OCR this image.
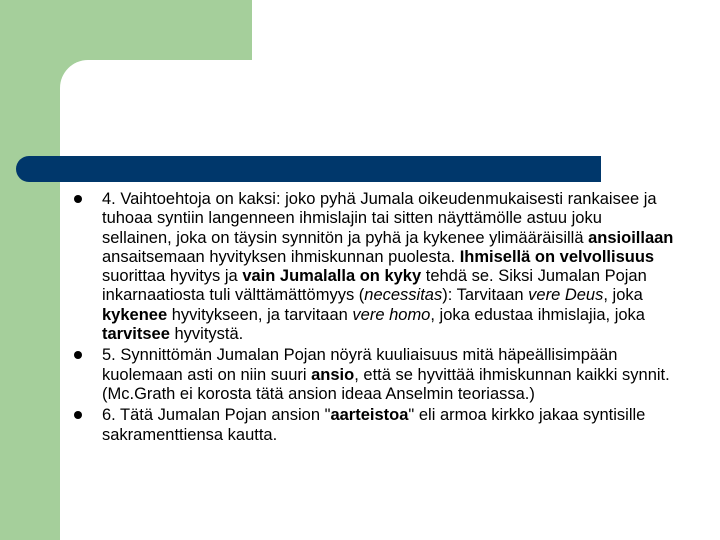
4. Vaihtoehtoja on kaksi: joko pyhä Jumala oikeudenmukaisesti rankaisee ja tuhoaa syntiin langenneen ihmislajin tai sitten näyttämölle astuu joku sellainen, joka on täysin synnitön ja pyhä ja kykenee ylimääräisillä ansioillaan ansaitsemaan hyvityksen ihmiskunnan puolesta. Ihmisellä on velvollisuus suorittaa hyvitys ja vain Jumalalla on kyky tehdä se. Siksi Jumalan Pojan inkarnaatiosta tuli välttämättömyys (necessitas): Tarvitaan vere Deus, joka kykenee hyvitykseen, ja tarvitaan vere homo, joka edustaa ihmislajia, joka tarvitsee hyvitystä.
5. Synnittömän Jumalan Pojan nöyrä kuuliaisuus mitä häpeällisimpään kuolemaan asti on niin suuri ansio, että se hyvittää ihmiskunnan kaikki synnit. (Mc.Grath ei korosta tätä ansion ideaa Anselmin teoriassa.)
6. Tätä Jumalan Pojan ansion "aarteistoa" eli armoa kirkko jakaa syntisille sakramenttiensa kautta.
